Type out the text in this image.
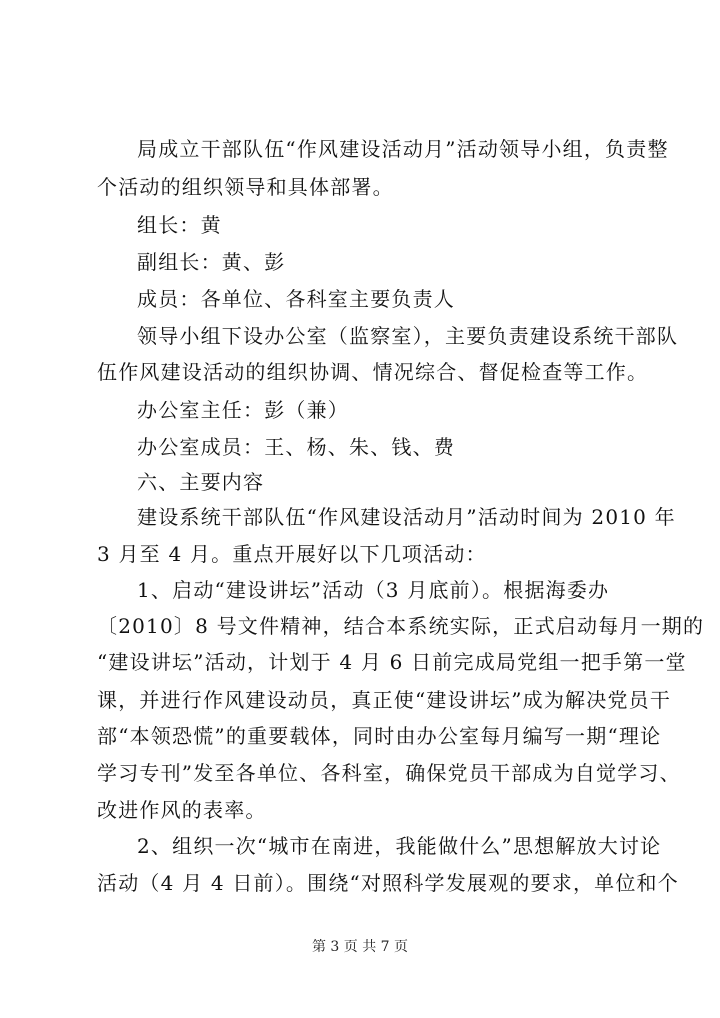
局成立干部队伍“作风建设活动月”活动领导小组，负责整
个活动的组织领导和具体部署。
组长：黄
副组长：黄、彭
成员：各单位、各科室主要负责人
领导小组下设办公室（监察室），主要负责建设系统干部队
伍作风建设活动的组织协调、情况综合、督促检查等工作。
办公室主任：彭（兼）
办公室成员：王、杨、朱、钱、费
六、主要内容
建设系统干部队伍“作风建设活动月”活动时间为 2010 年
3 月至 4 月。重点开展好以下几项活动：
1、启动“建设讲坛”活动（3 月底前）。根据海委办
〔2010〕8 号文件精神，结合本系统实际，正式启动每月一期的
“建设讲坛”活动，计划于 4 月 6 日前完成局党组一把手第一堂
课，并进行作风建设动员，真正使“建设讲坛”成为解决党员干
部“本领恐慌”的重要载体，同时由办公室每月编写一期“理论
学习专刊”发至各单位、各科室，确保党员干部成为自觉学习、
改进作风的表率。
2、组织一次“城市在南进，我能做什么”思想解放大讨论
活动（4 月 4 日前）。围绕“对照科学发展观的要求，单位和个
第 3 页 共 7 页
